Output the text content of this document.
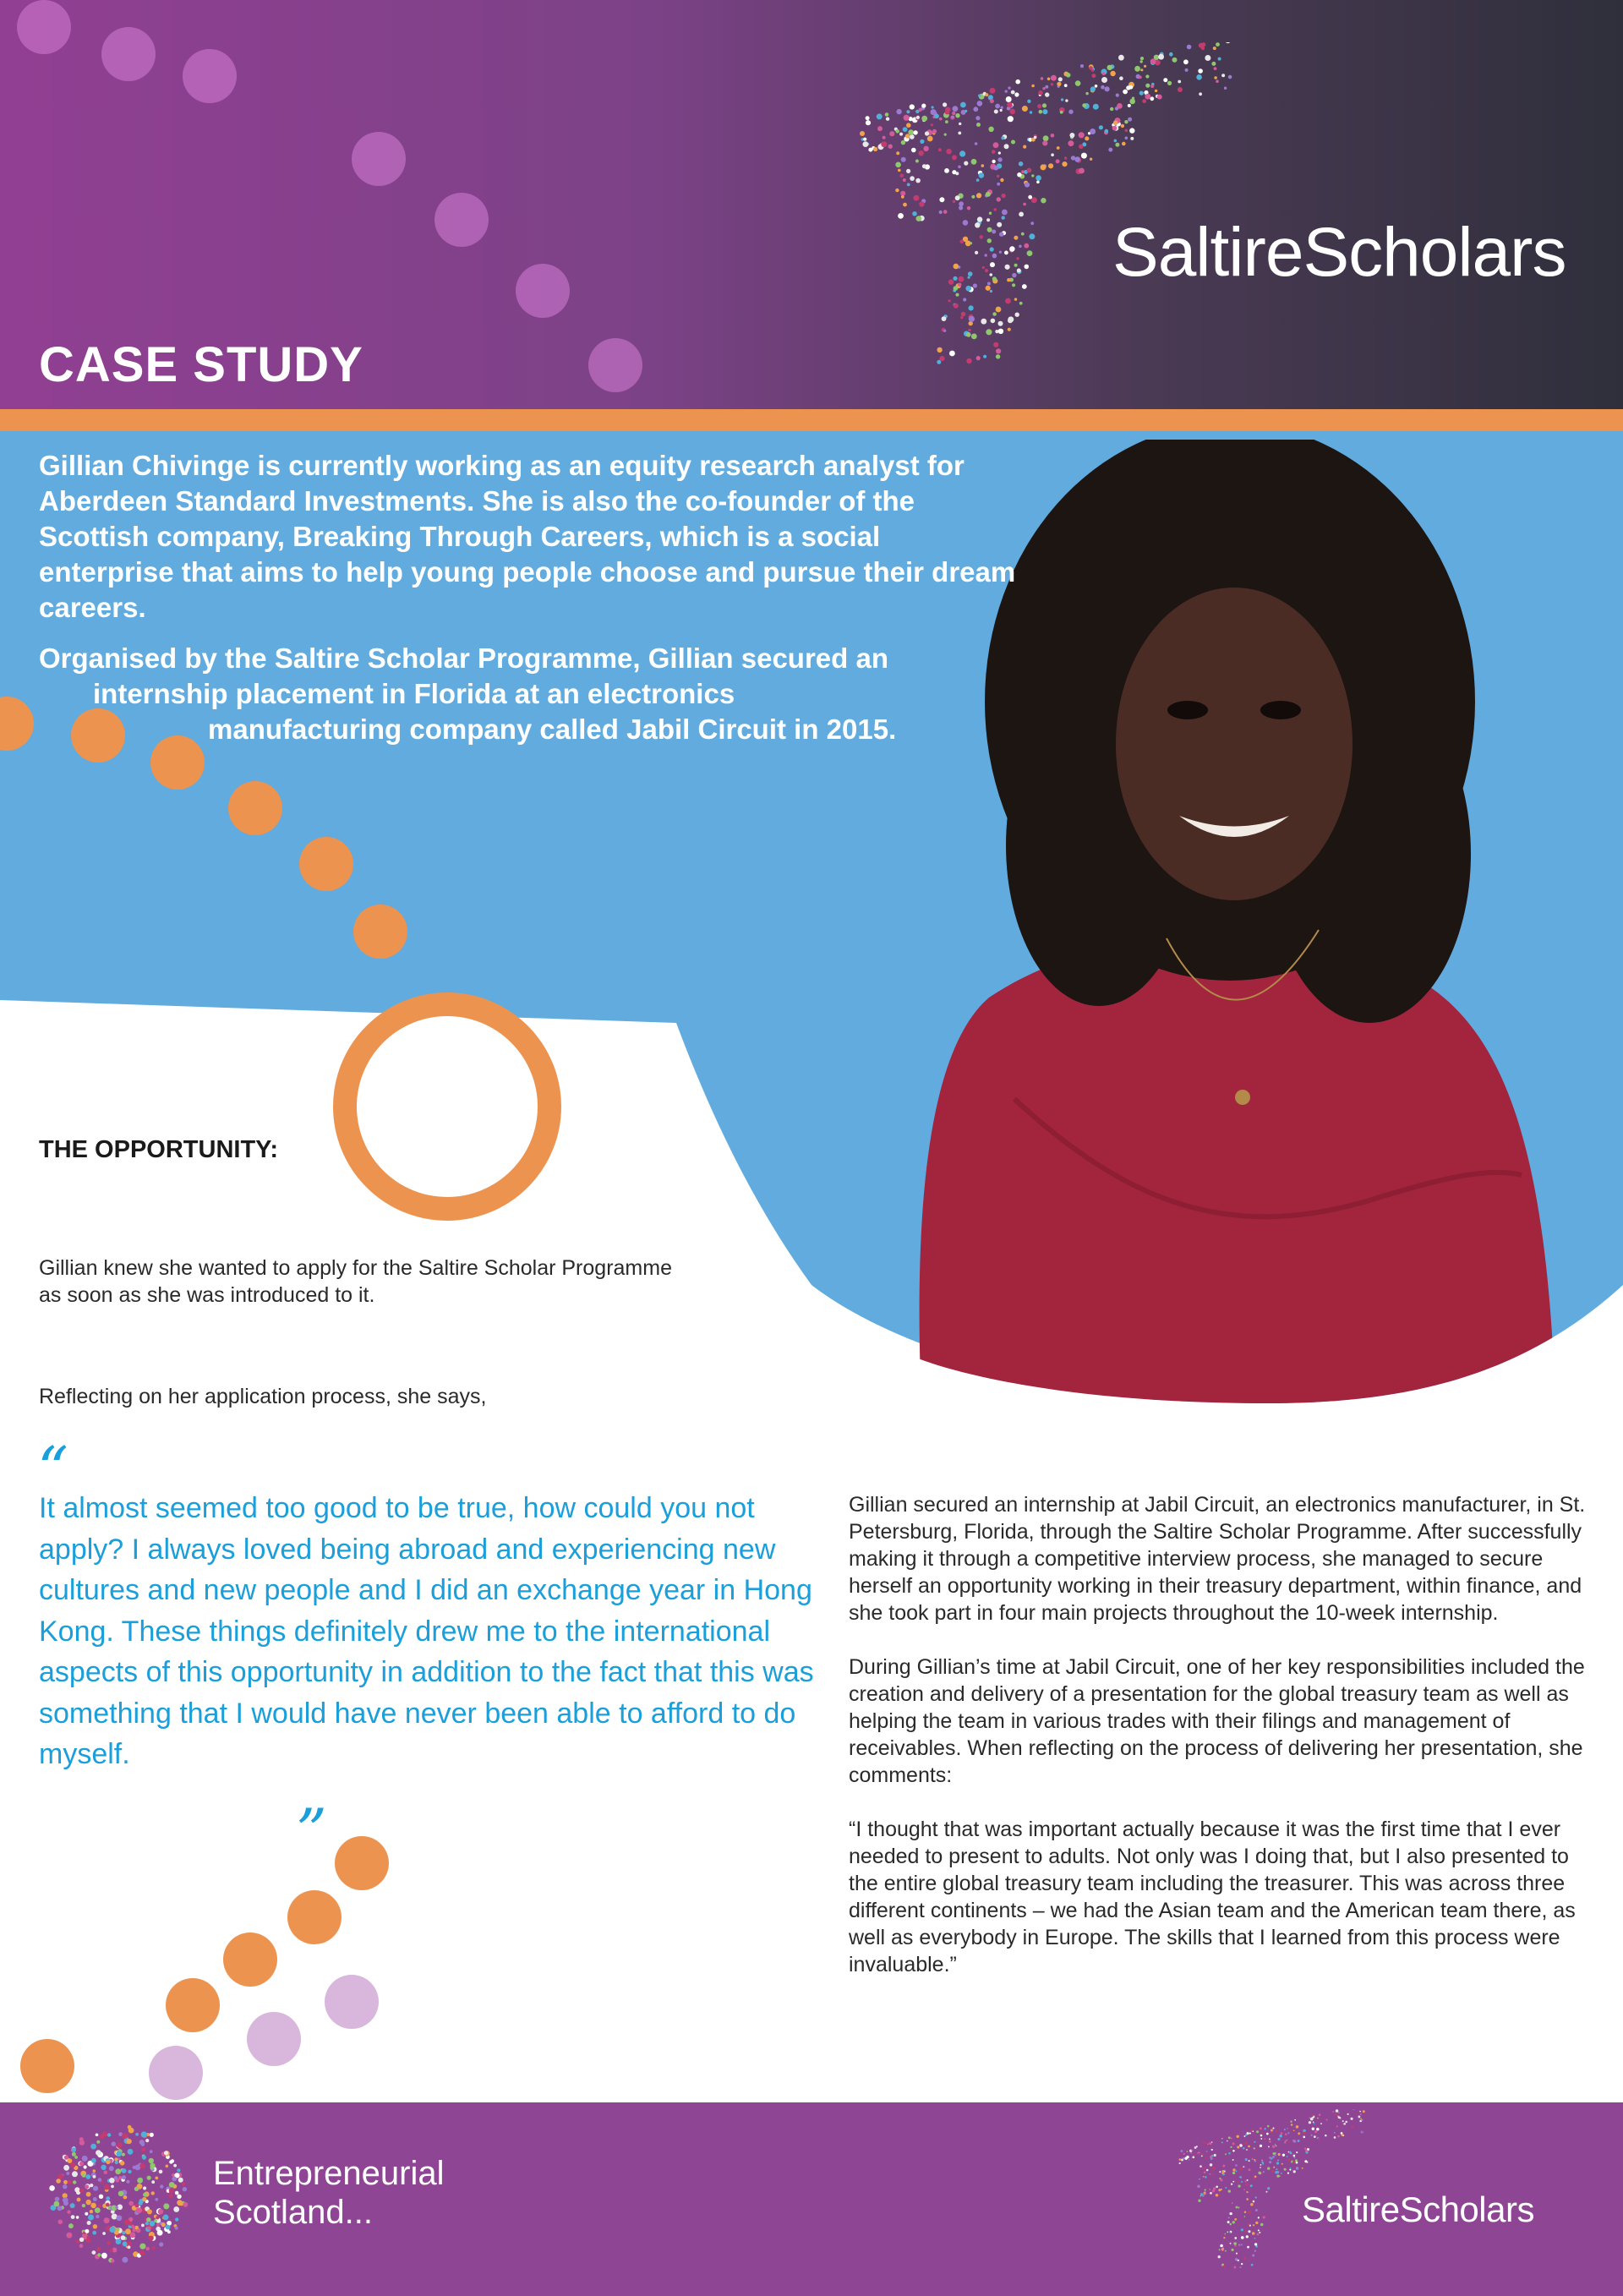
SaltireScholars
CASE STUDY

Gillian Chivinge is currently working as an equity research analyst for Aberdeen Standard Investments. She is also the co-founder of the Scottish company, Breaking Through Careers, which is a social enterprise that aims to help young people choose and pursue their dream careers.

Organised by the Saltire Scholar Programme, Gillian secured an
internship placement in Florida at an electronics
manufacturing company called Jabil Circuit in 2015.
THE OPPORTUNITY:
Gillian knew she wanted to apply for the Saltire Scholar Programme as soon as she was introduced to it.
Reflecting on her application process, she says,
“
It almost seemed too good to be true, how could you not apply? I always loved being abroad and experiencing new cultures and new people and I did an exchange year in Hong Kong. These things definitely drew me to the international aspects of this opportunity in addition to the fact that this was something that I would have never been able to afford to do myself.
”

Gillian secured an internship at Jabil Circuit, an electronics manufacturer, in St. Petersburg, Florida, through the Saltire Scholar Programme. After successfully making it through a competitive interview process, she managed to secure herself an opportunity working in their treasury department, within finance, and she took part in four main projects throughout the 10-week internship.

During Gillian’s time at Jabil Circuit, one of her key responsibilities included the creation and delivery of a presentation for the global treasury team as well as helping the team in various trades with their filings and management of receivables. When reflecting on the process of delivering her presentation, she comments:

“I thought that was important actually because it was the first time that I ever needed to present to adults. Not only was I doing that, but I also presented to the entire global treasury team including the treasurer. This was across three different continents – we had the Asian team and the American team there, as well as everybody in Europe. The skills that I learned from this process were invaluable.”

Entrepreneurial
Scotland...	SaltireScholars
